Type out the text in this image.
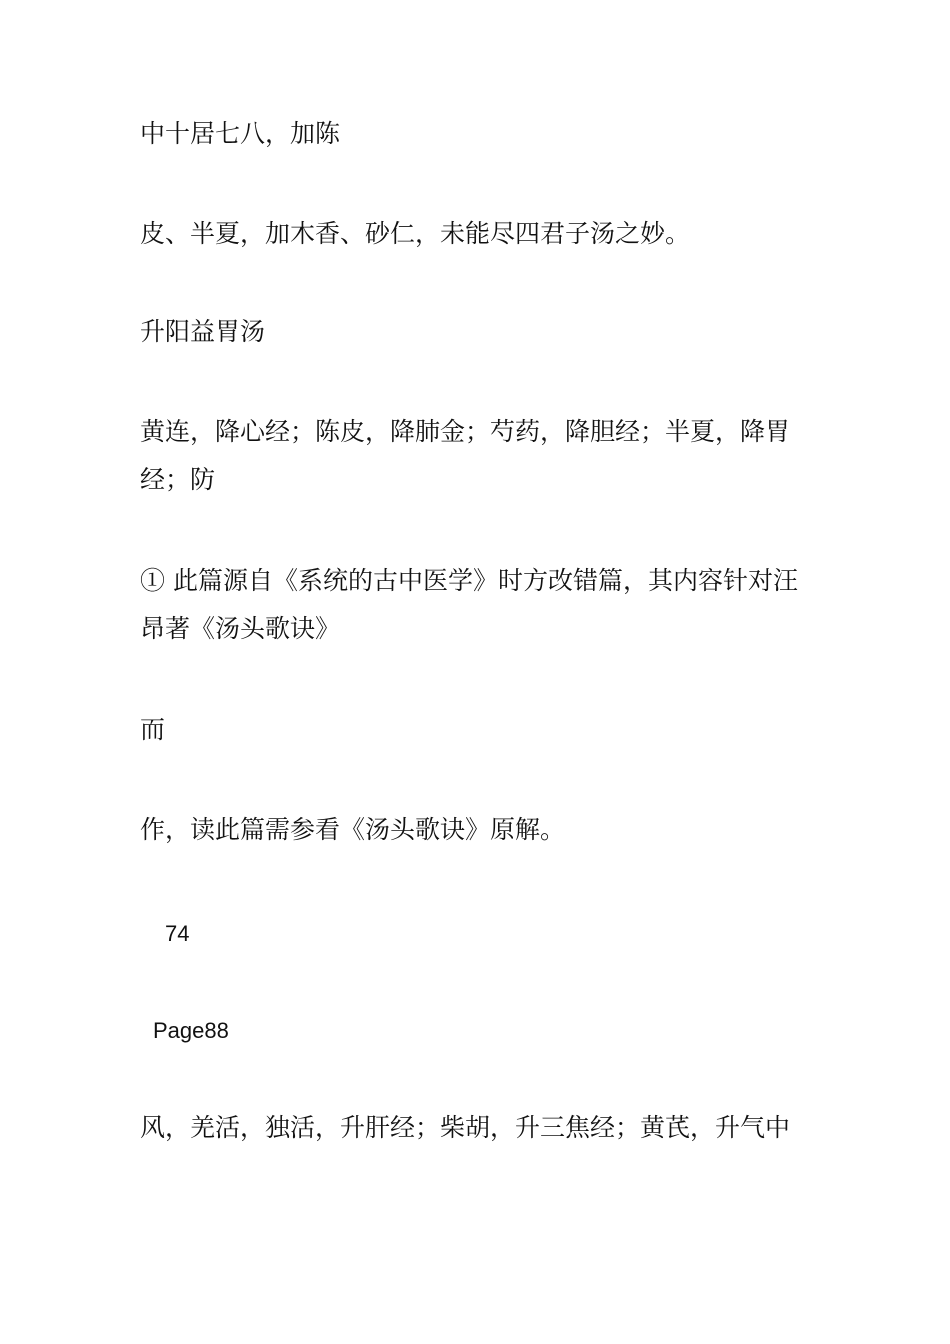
中十居七八，加陈

皮、半夏，加木香、砂仁，未能尽四君子汤之妙。

升阳益胃汤

黄连，降心经；陈皮，降肺金；芍药，降胆经；半夏，降胃
经；防

① 此篇源自《系统的古中医学》时方改错篇，其内容针对汪
昂著《汤头歌诀》

而

作，读此篇需参看《汤头歌诀》原解。

74
Page88

风，羌活，独活，升肝经；柴胡，升三焦经；黄芪，升气中
